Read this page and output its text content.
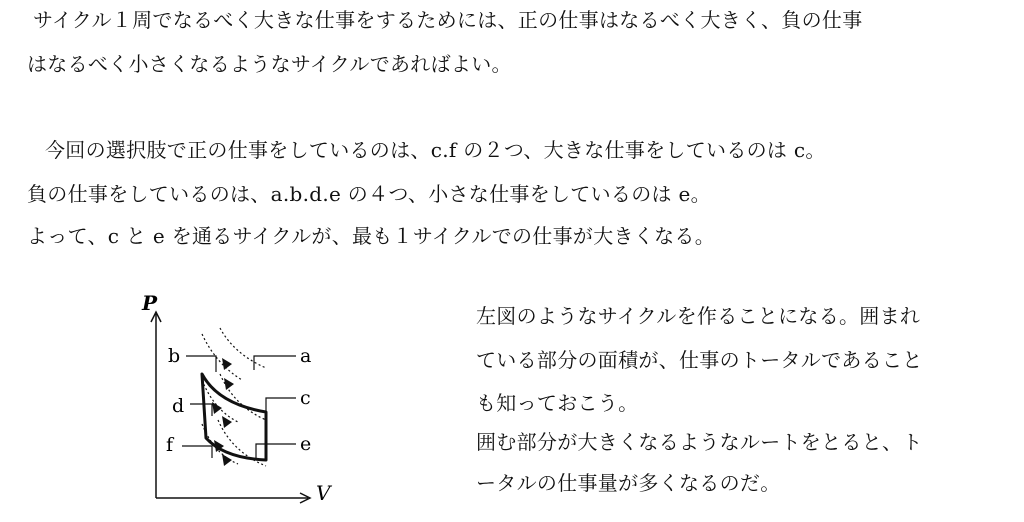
サイクル１周でなるべく大きな仕事をするためには、正の仕事はなるべく大きく、負の仕事
はなるべく小さくなるようなサイクルであればよい。
今回の選択肢で正の仕事をしているのは、c.f の２つ、大きな仕事をしているのは c。
負の仕事をしているのは、a.b.d.e の４つ、小さな仕事をしているのは e。
よって、c と e を通るサイクルが、最も１サイクルでの仕事が大きくなる。
P
V
a
b
c
d
e
f
左図のようなサイクルを作ることになる。囲まれ
ている部分の面積が、仕事のトータルであること
も知っておこう。
囲む部分が大きくなるようなルートをとると、ト
ータルの仕事量が多くなるのだ。
